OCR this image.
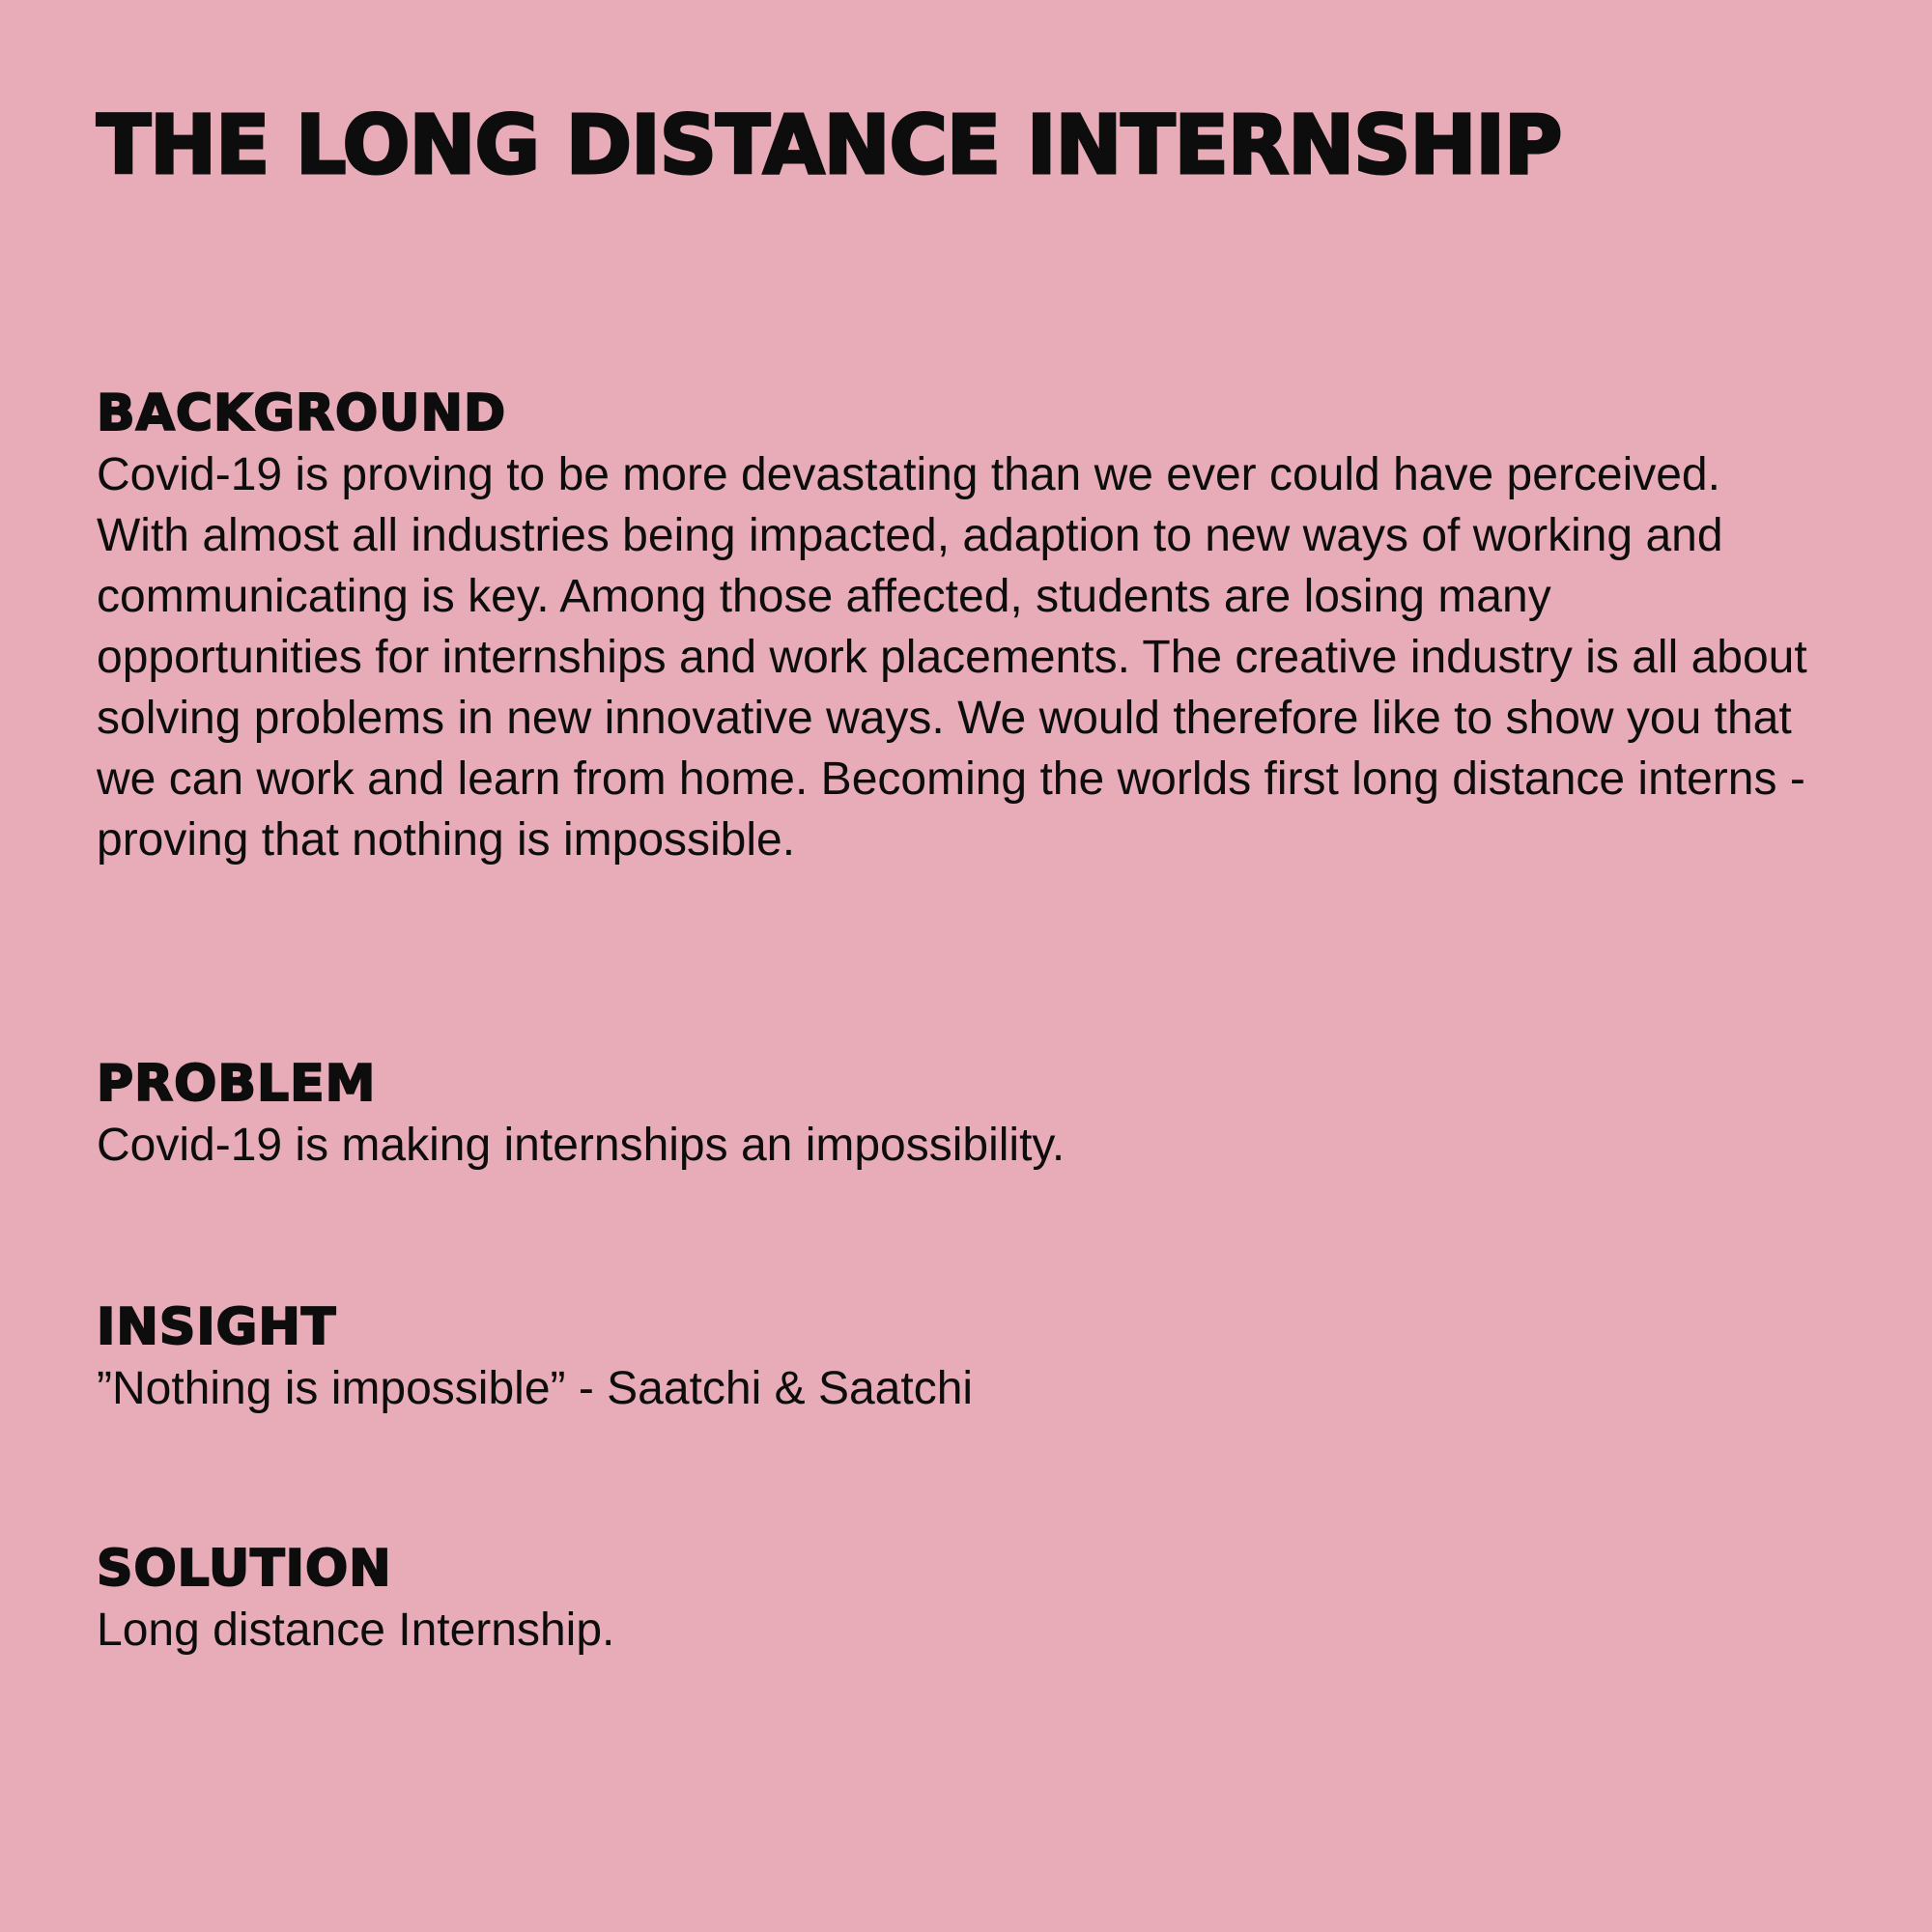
THE LONG DISTANCE INTERNSHIP
BACKGROUND

Covid-19 is proving to be more devastating than we ever could have perceived. With almost all industries being impacted, adaption to new ways of working and communicating is key. Among those affected, students are losing many opportunities for internships and work placements. The creative industry is all about solving problems in new innovative ways. We would therefore like to show you that we can work and learn from home. Becoming the worlds first long distance interns - proving that nothing is impossible.

PROBLEM

Covid-19 is making internships an impossibility.

INSIGHT

”Nothing is impossible” - Saatchi & Saatchi

SOLUTION

Long distance Internship.
